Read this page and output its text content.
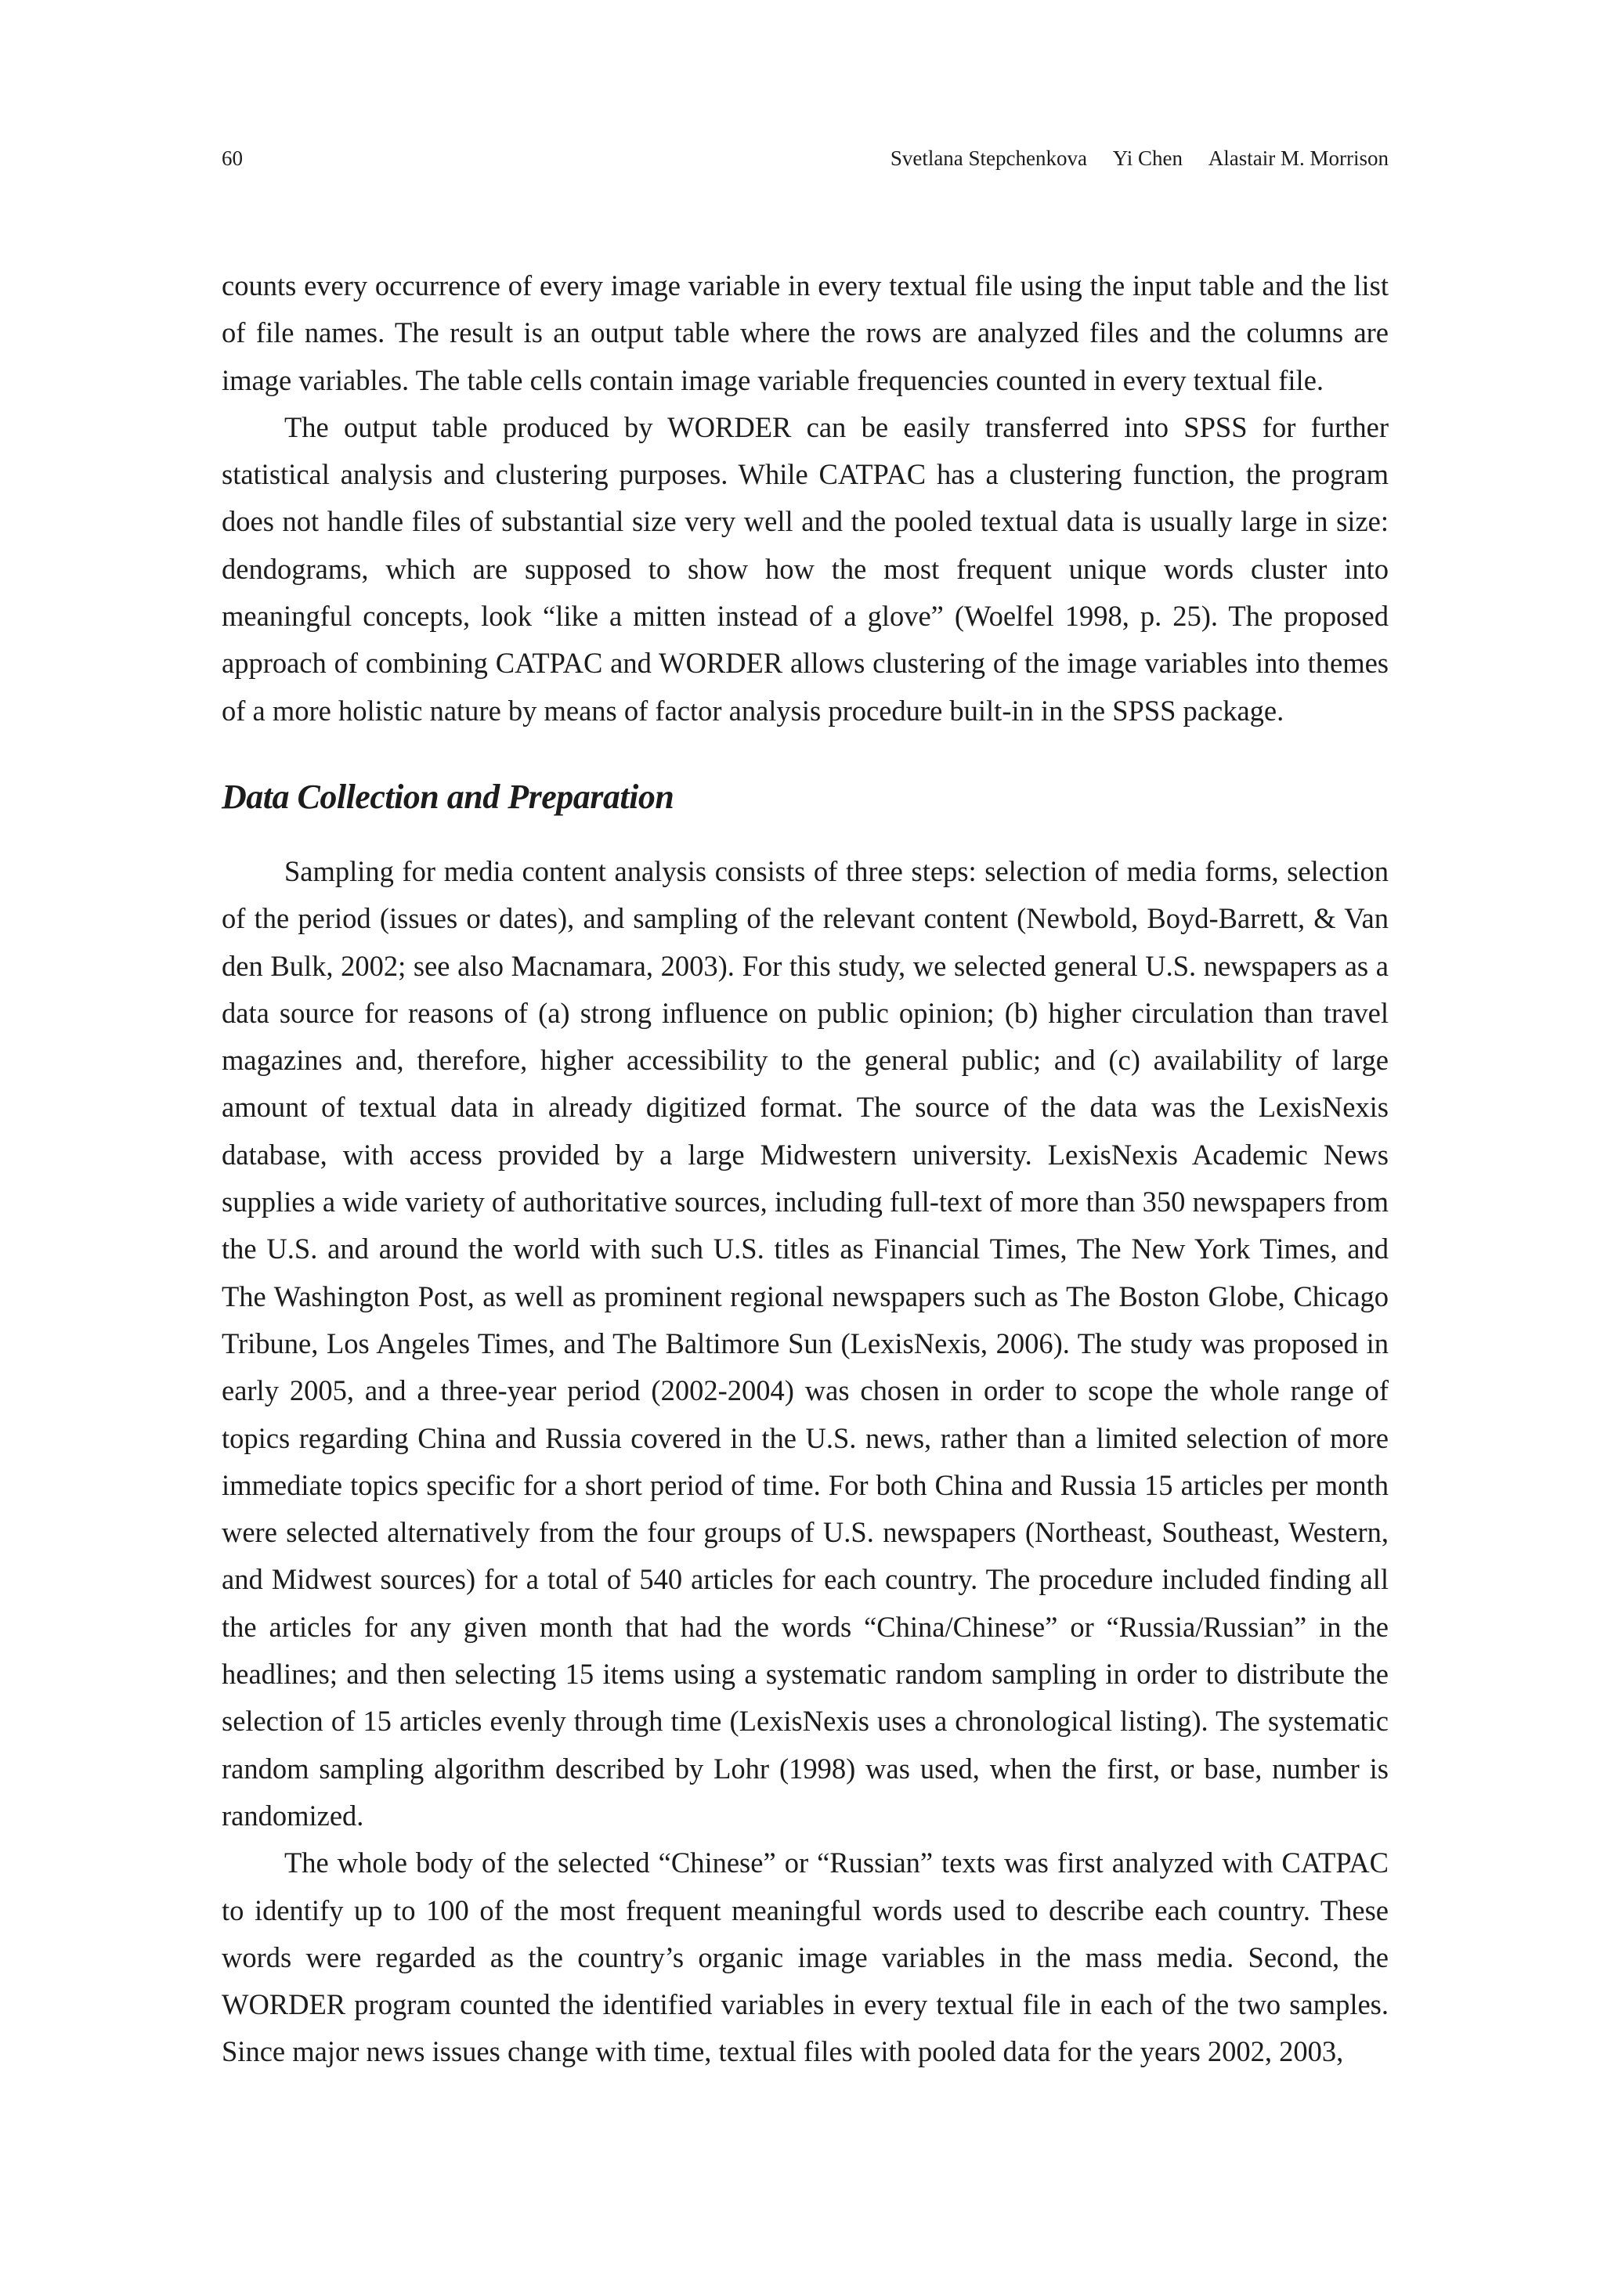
60	Svetlana Stepchenkova Yi Chen Alastair M. Morrison

counts every occurrence of every image variable in every textual file using the input table and the list of file names. The result is an output table where the rows are analyzed files and the columns are image variables. The table cells contain image variable frequencies counted in every textual file.

The output table produced by WORDER can be easily transferred into SPSS for further statistical analysis and clustering purposes. While CATPAC has a clustering function, the program does not handle files of substantial size very well and the pooled textual data is usually large in size: dendograms, which are supposed to show how the most frequent unique words cluster into meaningful concepts, look “like a mitten instead of a glove” (Woelfel 1998, p. 25). The proposed approach of combining CATPAC and WORDER allows clustering of the image variables into themes of a more holistic nature by means of factor analysis procedure built-in in the SPSS package.

Data Collection and Preparation

Sampling for media content analysis consists of three steps: selection of media forms, selection of the period (issues or dates), and sampling of the relevant content (Newbold, Boyd-Barrett, & Van den Bulk, 2002; see also Macnamara, 2003). For this study, we selected general U.S. newspapers as a data source for reasons of (a) strong influence on public opinion; (b) higher circulation than travel magazines and, therefore, higher accessibility to the general public; and (c) availability of large amount of textual data in already digitized format. The source of the data was the LexisNexis database, with access provided by a large Midwestern university. LexisNexis Academic News supplies a wide variety of authoritative sources, including full-text of more than 350 newspapers from the U.S. and around the world with such U.S. titles as Financial Times, The New York Times, and The Washington Post, as well as prominent regional newspapers such as The Boston Globe, Chicago Tribune, Los Angeles Times, and The Baltimore Sun (LexisNexis, 2006). The study was proposed in early 2005, and a three-year period (2002-2004) was chosen in order to scope the whole range of topics regarding China and Russia covered in the U.S. news, rather than a limited selection of more immediate topics specific for a short period of time. For both China and Russia 15 articles per month were selected alternatively from the four groups of U.S. newspapers (Northeast, Southeast, Western, and Midwest sources) for a total of 540 articles for each country. The procedure included finding all the articles for any given month that had the words “China/Chinese” or “Russia/Russian” in the headlines; and then selecting 15 items using a systematic random sampling in order to distribute the selection of 15 articles evenly through time (LexisNexis uses a chronological listing). The systematic random sampling algorithm described by Lohr (1998) was used, when the first, or base, number is randomized.

The whole body of the selected “Chinese” or “Russian” texts was first analyzed with CATPAC to identify up to 100 of the most frequent meaningful words used to describe each country. These words were regarded as the country’s organic image variables in the mass media. Second, the WORDER program counted the identified variables in every textual file in each of the two samples. Since major news issues change with time, textual files with pooled data for the years 2002, 2003,
